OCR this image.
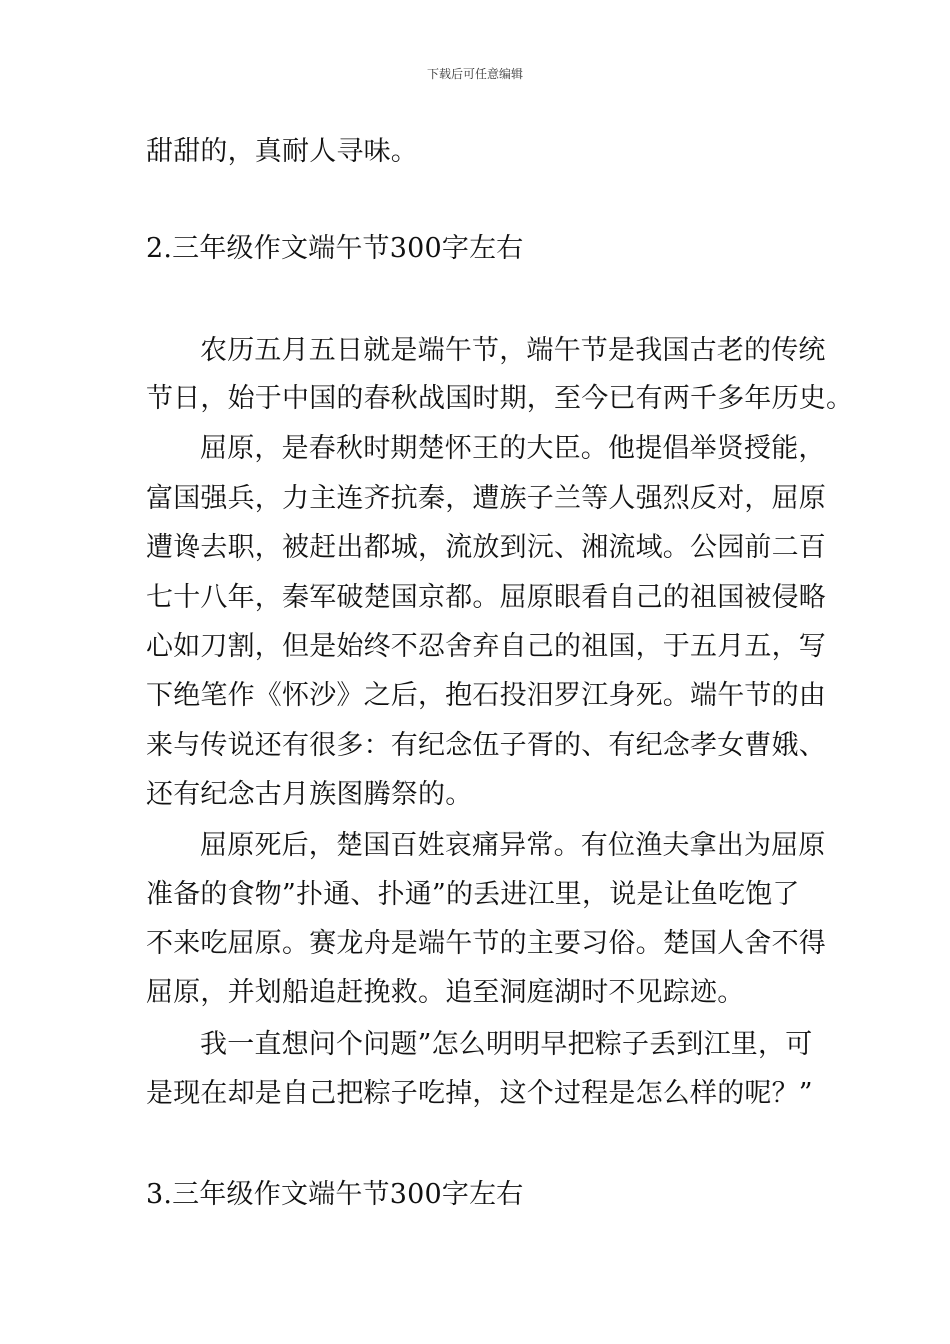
下载后可任意编辑
甜甜的，真耐人寻味。
2.三年级作文端午节300字左右
农历五月五日就是端午节，端午节是我国古老的传统
节日，始于中国的春秋战国时期，至今已有两千多年历史。
屈原，是春秋时期楚怀王的大臣。他提倡举贤授能，
富国强兵，力主连齐抗秦，遭族子兰等人强烈反对，屈原
遭谗去职，被赶出都城，流放到沅、湘流域。公园前二百
七十八年，秦军破楚国京都。屈原眼看自己的祖国被侵略
心如刀割，但是始终不忍舍弃自己的祖国，于五月五，写
下绝笔作《怀沙》之后，抱石投汨罗江身死。端午节的由
来与传说还有很多：有纪念伍子胥的、有纪念孝女曹娥、
还有纪念古月族图腾祭的。
屈原死后，楚国百姓哀痛异常。有位渔夫拿出为屈原
准备的食物”扑通、扑通”的丢进江里，说是让鱼吃饱了
不来吃屈原。赛龙舟是端午节的主要习俗。楚国人舍不得
屈原，并划船追赶挽救。追至洞庭湖时不见踪迹。
我一直想问个问题”怎么明明早把粽子丢到江里，可
是现在却是自己把粽子吃掉，这个过程是怎么样的呢？”
3.三年级作文端午节300字左右
